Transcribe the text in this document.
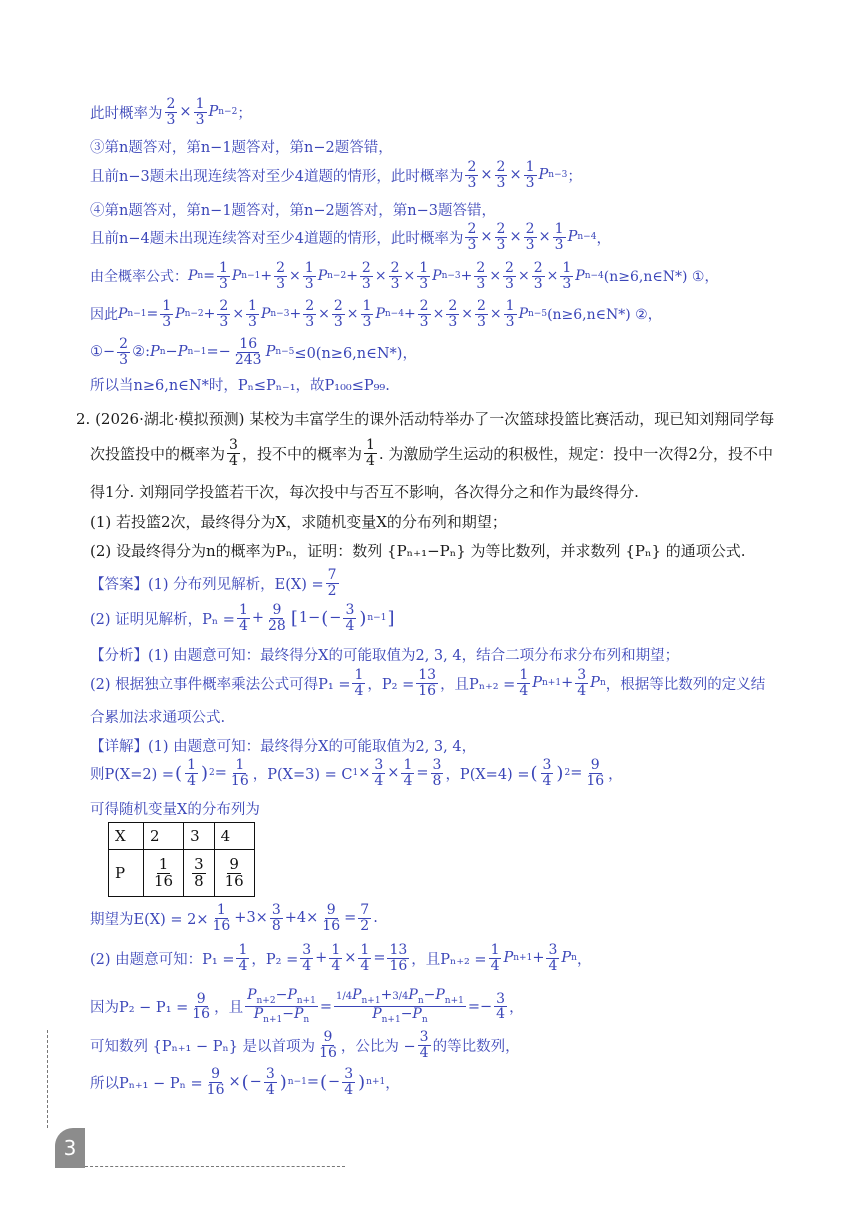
此时概率为 $\frac{2}{3} \times \frac{1}{3}$ P n−2 ；
③第n题答对，第n−1题答对，第n−2题答错，
且前n−3题未出现连续答对至少4道题的情形，此时概率为 $\frac{2}{3} \times \frac{2}{3} \times \frac{1}{3}$ P n−3 ；
④第n题答对，第n−1题答对，第n−2题答对，第n−3题答错，
且前n−4题未出现连续答对至少4道题的情形，此时概率为 $\frac{2}{3} \times \frac{2}{3} \times \frac{2}{3} \times \frac{1}{3}$ P n−4 ，
由全概率公式： P $n = \frac{1}{3}$ P $n-1 + \frac{2}{3} \times \frac{1}{3}$ P $n-2 + \frac{2}{3} \times \frac{2}{3} \times \frac{1}{3}$ P $n-3 + \frac{2}{3} \times \frac{2}{3} \times \frac{2}{3} \times \frac{1}{3}$ P n−4 (n≥6,n∈N*) ①，
因此 P $n-1 = \frac{1}{3}$ P $n-2 + \frac{2}{3} \times \frac{1}{3}$ P $n-3 + \frac{2}{3} \times \frac{2}{3} \times \frac{1}{3}$ P $n-4 + \frac{2}{3} \times \frac{2}{3} \times \frac{2}{3} \times \frac{1}{3}$ P n−5 (n≥6,n∈N*) ②，
①− $\frac{2}{3}$ ②: P n − P $n-1 =- \frac{16}{243}$ P n−5 ≤0(n≥6,n∈N*)，
所以当n≥6,n∈N*时，Pₙ≤Pₙ₋₁，故P₁₀₀≤P₉₉.
2. (2026·湖北·模拟预测) 某校为丰富学生的课外活动特举办了一次篮球投篮比赛活动，现已知刘翔同学每
次投篮投中的概率为 $\frac{3}{4}$ ，投不中的概率为 $\frac{1}{4}$ . 为激励学生运动的积极性，规定：投中一次得2分，投不中
得1分. 刘翔同学投篮若干次，每次投中与否互不影响，各次得分之和作为最终得分.
(1) 若投篮2次，最终得分为X，求随机变量X的分布列和期望；
(2) 设最终得分为n的概率为Pₙ，证明：数列 {Pₙ₊₁−Pₙ} 为等比数列，并求数列 {Pₙ} 的通项公式.
【答案】(1) 分布列见解析，$E(X) = \frac{7}{2}$
(2) 证明见解析，$P_n = \frac{1}{4} + \frac{9}{28}$ [ 1− ( − $\frac{3}{4}$ ) n−1 ]
【分析】(1) 由题意可知：最终得分X的可能取值为2, 3, 4，结合二项分布求分布列和期望；
(2) 根据独立事件概率乘法公式可得$P_1 = \frac{1}{4}$ ，$P_2 = \frac{13}{16}$ ，且$P_{n+2} = \frac{1}{4}$ P $n+1 + \frac{3}{4}$ P n ，根据等比数列的定义结
合累加法求通项公式.
【详解】(1) 由题意可知：最终得分X的可能取值为2, 3, 4，
则P(X=2) = ( $\frac{1}{4}$ ) $2 = \frac{1}{16}$ ，P(X=3) = C $1 \times \frac{3}{4} \times \frac{1}{4} = \frac{3}{8}$ ，P(X=4) = ( $\frac{3}{4}$ ) $2 = \frac{9}{16}$ ，
可得随机变量X的分布列为
X	2	3	4
P	$\frac{1}{16}$	$\frac{3}{8}$	$\frac{9}{16}$
期望为$E(X) = 2\times \frac{1}{16} +3\times \frac{3}{8} +4\times \frac{9}{16} = \frac{7}{2}$ .
(2) 由题意可知：$P_1 = \frac{1}{4}$ ，$P_2 = \frac{3}{4} + \frac{1}{4} \times \frac{1}{4} = \frac{13}{16}$ ，且$P_{n+2} = \frac{1}{4}$ P $n+1 + \frac{3}{4}$ P n ，
因为$P_2 - P_1 = \frac{9}{16}$ ，且 $\frac{P_{n+2}-P_{n+1}}{P_{n+1}-P_n} = \frac{1/4P_{n+1}+3/4P_n-P_{n+1}}{P_{n+1}-P_n} =- \frac{3}{4}$ ，
可知数列 {Pₙ₊₁ − Pₙ} 是以首项为 $\frac{9}{16}$ ，公比为 − $\frac{3}{4}$ 的等比数列，
所以$P_{n+1} - P_n = \frac{9}{16}$ × ( − $\frac{3}{4}$ ) n−1 = ( − $\frac{3}{4}$ ) n+1 ，
3
